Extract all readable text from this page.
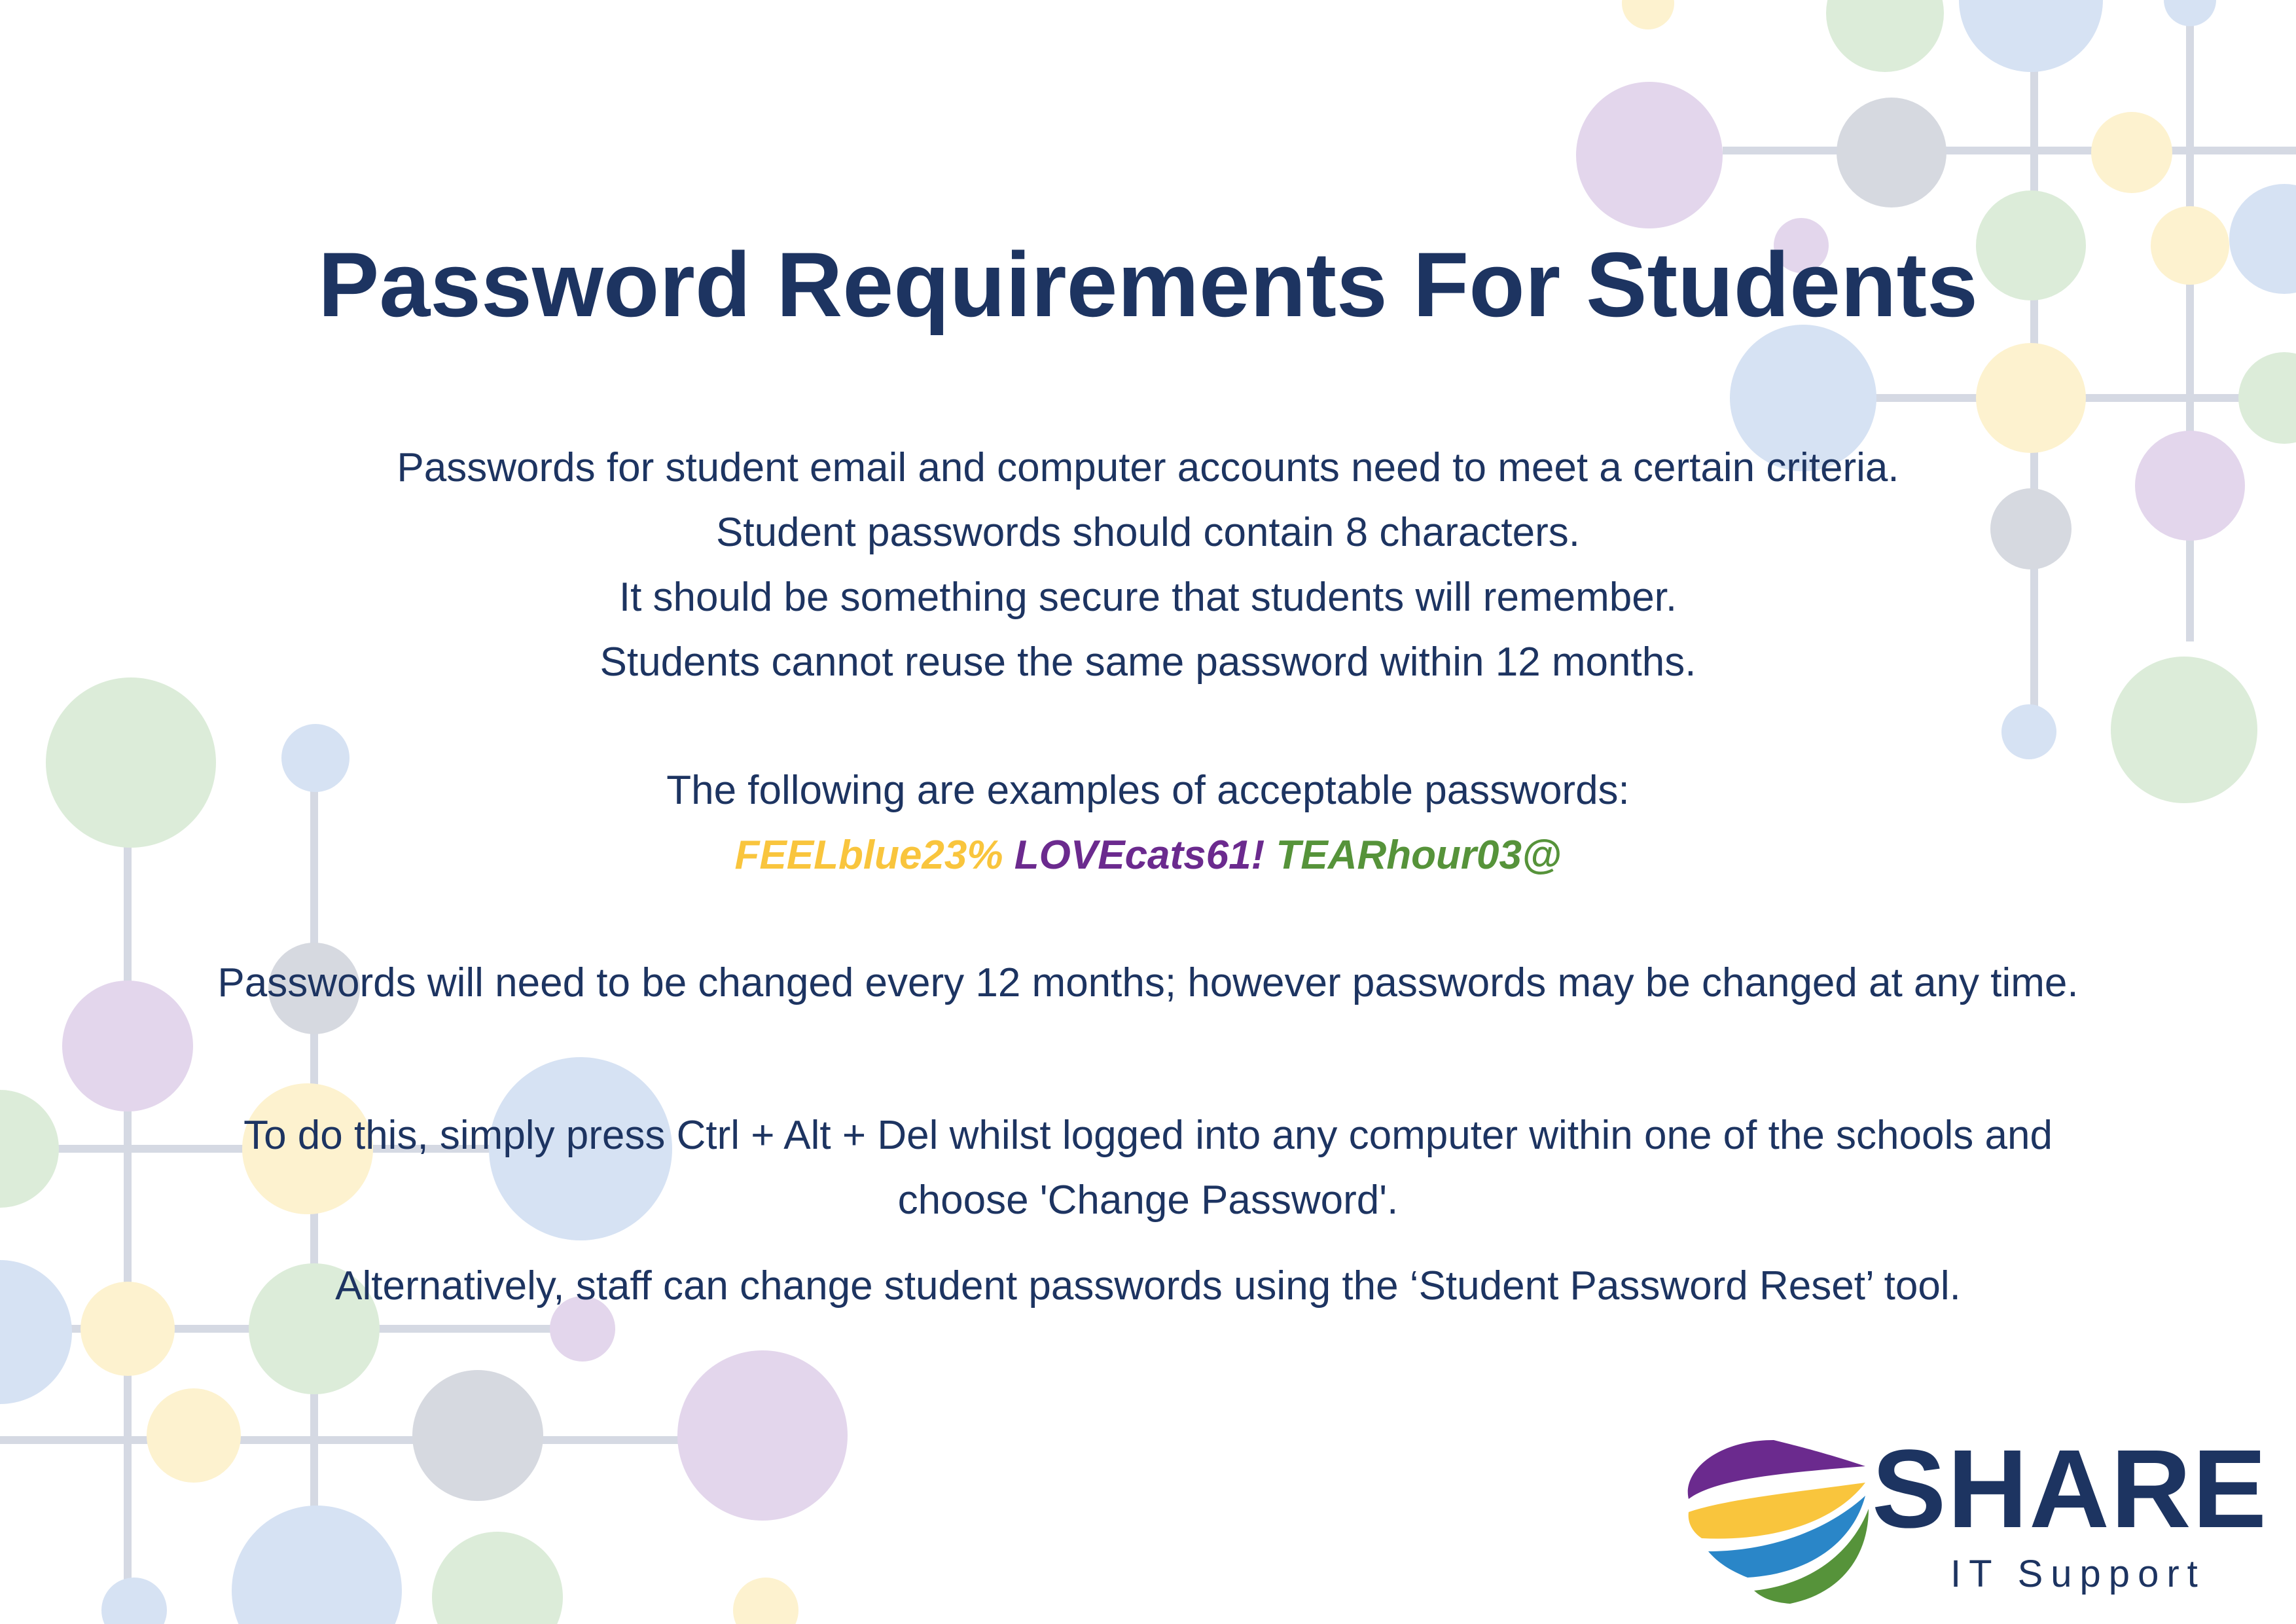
Password Requirements For Students
Passwords for student email and computer accounts need to meet a certain criteria.
Student passwords should contain 8 characters.
It should be something secure that students will remember.
Students cannot reuse the same password within 12 months.
The following are examples of acceptable passwords:
FEELblue23% LOVEcats61! TEARhour03@
Passwords will need to be changed every 12 months; however passwords may be changed at any time.
To do this, simply press Ctrl + Alt + Del whilst logged into any computer within one of the schools and
choose 'Change Password'.
Alternatively, staff can change student passwords using the ‘Student Password Reset’ tool.
SHARE
IT Support
